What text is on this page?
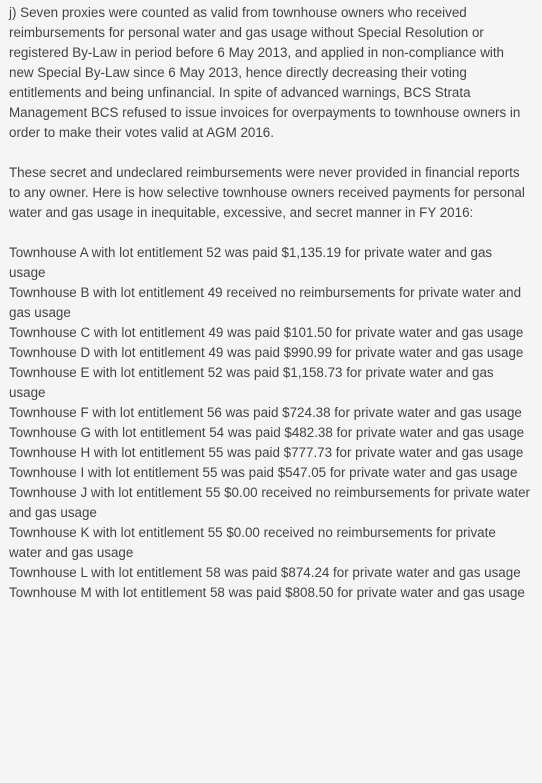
j) Seven proxies were counted as valid from townhouse owners who received reimbursements for personal water and gas usage without Special Resolution or registered By-Law in period before 6 May 2013, and applied in non-compliance with new Special By-Law since 6 May 2013, hence directly decreasing their voting entitlements and being unfinancial. In spite of advanced warnings, BCS Strata Management BCS refused to issue invoices for overpayments to townhouse owners in order to make their votes valid at AGM 2016.

These secret and undeclared reimbursements were never provided in financial reports to any owner. Here is how selective townhouse owners received payments for personal water and gas usage in inequitable, excessive, and secret manner in FY 2016:

Townhouse A with lot entitlement 52 was paid $1,135.19 for private water and gas usage

Townhouse B with lot entitlement 49 received no reimbursements for private water and gas usage

Townhouse C with lot entitlement 49 was paid $101.50 for private water and gas usage

Townhouse D with lot entitlement 49 was paid $990.99 for private water and gas usage

Townhouse E with lot entitlement 52 was paid $1,158.73 for private water and gas usage

Townhouse F with lot entitlement 56 was paid $724.38 for private water and gas usage

Townhouse G with lot entitlement 54 was paid $482.38 for private water and gas usage

Townhouse H with lot entitlement 55 was paid $777.73 for private water and gas usage

Townhouse I with lot entitlement 55 was paid $547.05 for private water and gas usage

Townhouse J with lot entitlement 55 $0.00 received no reimbursements for private water and gas usage

Townhouse K with lot entitlement 55 $0.00 received no reimbursements for private water and gas usage

Townhouse L with lot entitlement 58 was paid $874.24 for private water and gas usage

Townhouse M with lot entitlement 58 was paid $808.50 for private water and gas usage
